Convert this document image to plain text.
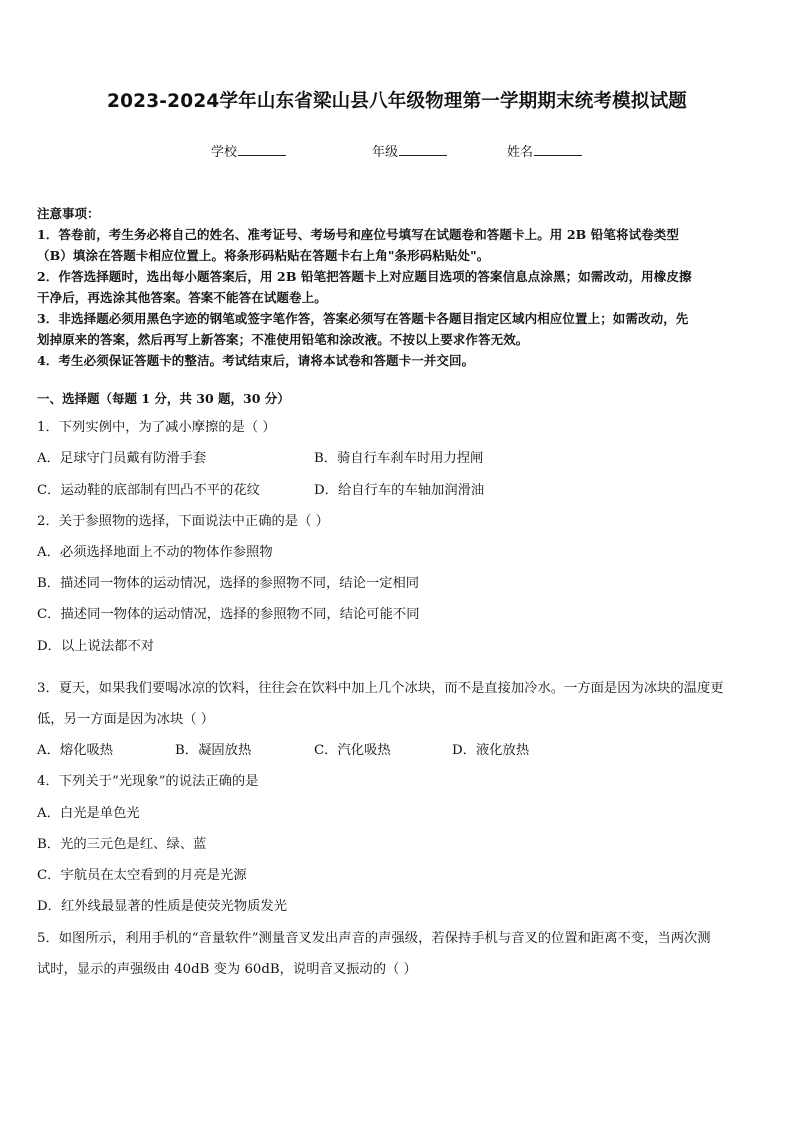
2023-2024学年山东省梁山县八年级物理第一学期期末统考模拟试题
学校	年级	姓名
注意事项：
1．答卷前，考生务必将自己的姓名、准考证号、考场号和座位号填写在试题卷和答题卡上。用 2B 铅笔将试卷类型
（B）填涂在答题卡相应位置上。将条形码粘贴在答题卡右上角"条形码粘贴处"。
2．作答选择题时，选出每小题答案后，用 2B 铅笔把答题卡上对应题目选项的答案信息点涂黑；如需改动，用橡皮擦
干净后，再选涂其他答案。答案不能答在试题卷上。
3．非选择题必须用黑色字迹的钢笔或签字笔作答，答案必须写在答题卡各题目指定区域内相应位置上；如需改动，先
划掉原来的答案，然后再写上新答案；不准使用铅笔和涂改液。不按以上要求作答无效。
4．考生必须保证答题卡的整洁。考试结束后，请将本试卷和答题卡一并交回。
一、选择题（每题 1 分，共 30 题，30 分）
1．下列实例中，为了减小摩擦的是（ ）
A．足球守门员戴有防滑手套	B．骑自行车刹车时用力捏闸
C．运动鞋的底部制有凹凸不平的花纹	D．给自行车的车轴加润滑油
2．关于参照物的选择，下面说法中正确的是（ ）
A．必须选择地面上不动的物体作参照物
B．描述同一物体的运动情况，选择的参照物不同，结论一定相同
C．描述同一物体的运动情况，选择的参照物不同，结论可能不同
D．以上说法都不对
3．夏天，如果我们要喝冰凉的饮料，往往会在饮料中加上几个冰块，而不是直接加冷水。一方面是因为冰块的温度更
低，另一方面是因为冰块（ ）
A．熔化吸热	B．凝固放热	C．汽化吸热	D．液化放热
4．下列关于“光现象”的说法正确的是
A．白光是单色光
B．光的三元色是红、绿、蓝
C．宇航员在太空看到的月亮是光源
D．红外线最显著的性质是使荧光物质发光
5．如图所示，利用手机的“音量软件”测量音叉发出声音的声强级，若保持手机与音叉的位置和距离不变，当两次测
试时，显示的声强级由 40dB 变为 60dB，说明音叉振动的（ ）
